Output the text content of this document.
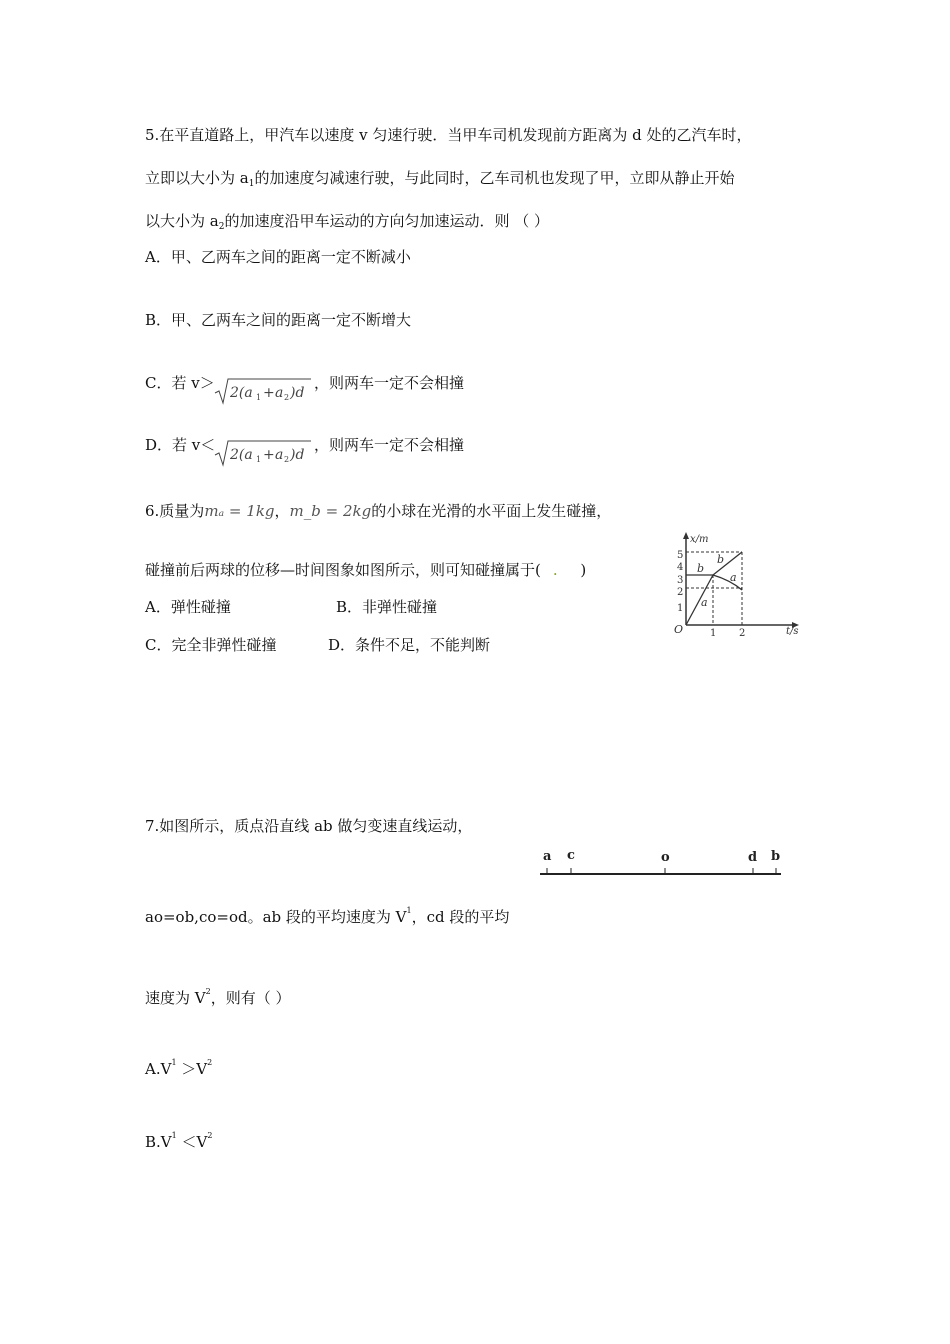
5.在平直道路上，甲汽车以速度 v 匀速行驶．当甲车司机发现前方距离为 d 处的乙汽车时，
立即以大小为 $a_1$的加速度匀减速行驶，与此同时，乙车司机也发现了甲，立即从静止开始
以大小为 $a_2$的加速度沿甲车运动的方向匀加速运动．则 （ ）
A．甲、乙两车之间的距离一定不断减小
B．甲、乙两车之间的距离一定不断增大
C．若 v＞
2(a 1 + a 2 )d
，则两车一定不会相撞
D．若 v＜
2(a 1 + a 2 )d
，则两车一定不会相撞
6.质量为mₐ = 1kg，m_b = 2kg的小球在光滑的水平面上发生碰撞，
碰撞前后两球的位移—时间图象如图所示，则可知碰撞属于( . )
A．弹性碰撞	B．非弹性碰撞
C．完全非弹性碰撞	D．条件不足，不能判断
x/m
t/s
O
1
2
3
4
5
1 2
b
b
a
a
7.如图所示，质点沿直线 ab 做匀变速直线运动，
a c	o	d b
ao=ob,co=od。ab 段的平均速度为 $V^1$，cd 段的平均
速度为 $V^2$，则有（ ）
$A.V^1 >V^2$
$B.V^1 <V^2$
